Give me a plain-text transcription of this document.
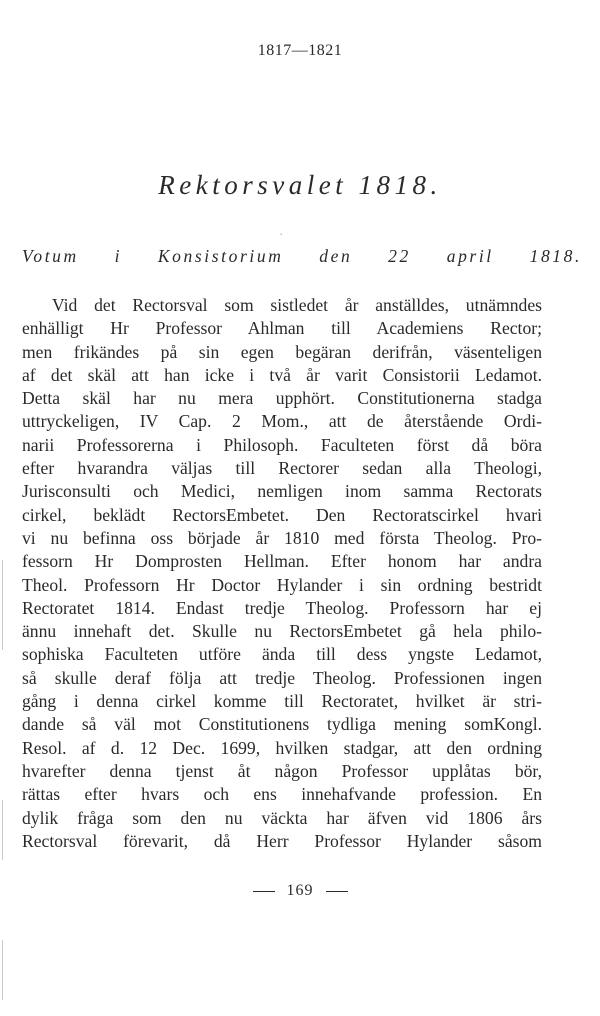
1817—1821
Rektorsvalet 1818.
‘
Votum i Konsistorium den 22 april 1818.
Vid det Rectorsval som sistledet år anställdes, utnämndes
enhälligt Hr Professor Ahlman till Academiens Rector;
men frikändes på sin egen begäran derifrån, väsenteligen
af det skäl att han icke i två år varit Consistorii Ledamot.
Detta skäl har nu mera upphört. Constitutionerna stadga
uttryckeligen, IV Cap. 2 Mom., att de återstående Ordi-
narii Professorerna i Philosoph. Faculteten först då böra
efter hvarandra väljas till Rectorer sedan alla Theologi,
Jurisconsulti och Medici, nemligen inom samma Rectorats
cirkel, beklädt RectorsEmbetet. Den Rectoratscirkel hvari
vi nu befinna oss började år 1810 med första Theolog. Pro-
fessorn Hr Domprosten Hellman. Efter honom har andra
Theol. Professorn Hr Doctor Hylander i sin ordning bestridt
Rectoratet 1814. Endast tredje Theolog. Professorn har ej
ännu innehaft det. Skulle nu RectorsEmbetet gå hela philo-
sophiska Faculteten utföre ända till dess yngste Ledamot,
så skulle deraf följa att tredje Theolog. Professionen ingen
gång i denna cirkel komme till Rectoratet, hvilket är stri-
dande så väl mot Constitutionens tydliga mening somKongl.
Resol. af d. 12 Dec. 1699, hvilken stadgar, att den ordning
hvarefter denna tjenst åt någon Professor upplåtas bör,
rättas efter hvars och ens innehafvande profession. En
dylik fråga som den nu väckta har äfven vid 1806 års
Rectorsval förevarit, då Herr Professor Hylander såsom
169
